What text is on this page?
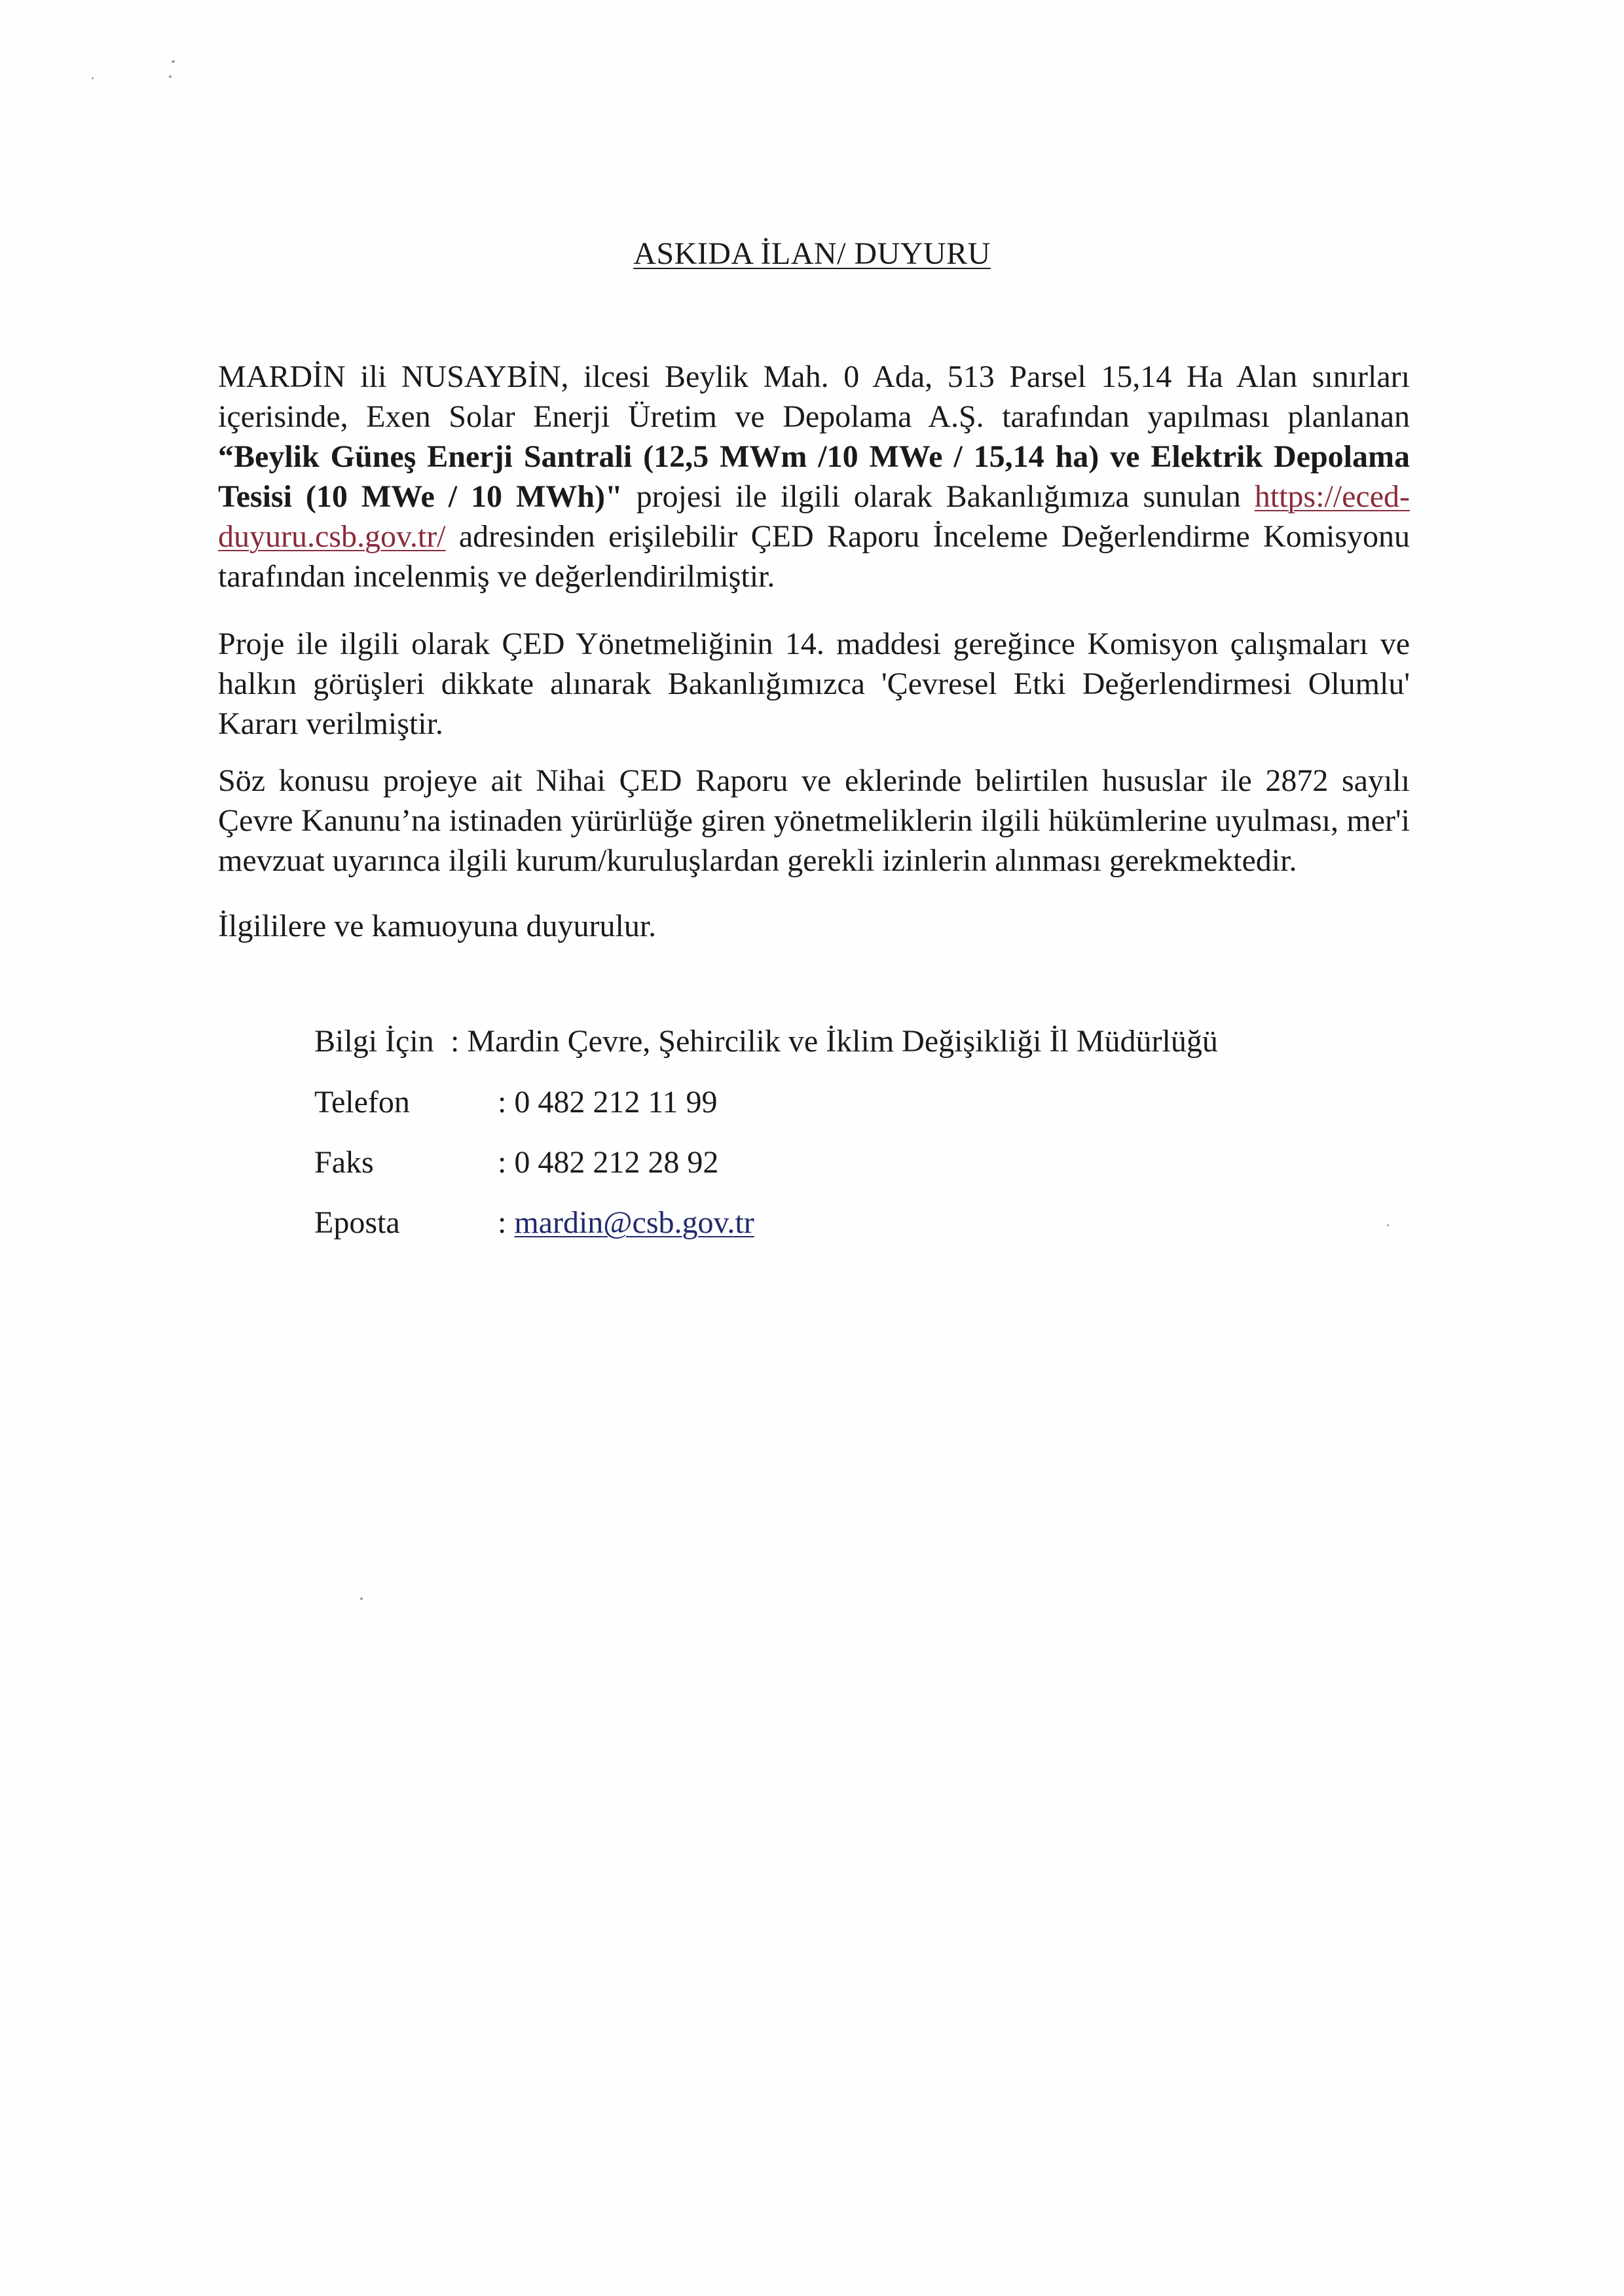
ASKIDA İLAN/ DUYURU
MARDİN ili NUSAYBİN, ilcesi Beylik Mah. 0 Ada, 513 Parsel 15,14 Ha Alan sınırları içerisinde, Exen Solar Enerji Üretim ve Depolama A.Ş. tarafından yapılması planlanan “Beylik Güneş Enerji Santrali (12,5 MWm /10 MWe / 15,14 ha) ve Elektrik Depolama Tesisi (10 MWe / 10 MWh)" projesi ile ilgili olarak Bakanlığımıza sunulan https://eced-duyuru.csb.gov.tr/ adresinden erişilebilir ÇED Raporu İnceleme Değerlendirme Komisyonu tarafından incelenmiş ve değerlendirilmiştir.
Proje ile ilgili olarak ÇED Yönetmeliğinin 14. maddesi gereğince Komisyon çalışmaları ve halkın görüşleri dikkate alınarak Bakanlığımızca 'Çevresel Etki Değerlendirmesi Olumlu' Kararı verilmiştir.
Söz konusu projeye ait Nihai ÇED Raporu ve eklerinde belirtilen hususlar ile 2872 sayılı Çevre Kanunu’na istinaden yürürlüğe giren yönetmeliklerin ilgili hükümlerine uyulması, mer'i mevzuat uyarınca ilgili kurum/kuruluşlardan gerekli izinlerin alınması gerekmektedir.
İlgililere ve kamuoyuna duyurulur.
Bilgi İçin : Mardin Çevre, Şehircilik ve İklim Değişikliği İl Müdürlüğü
Telefon	: 0 482 212 11 99
Faks	: 0 482 212 28 92
Eposta	: mardin@csb.gov.tr
